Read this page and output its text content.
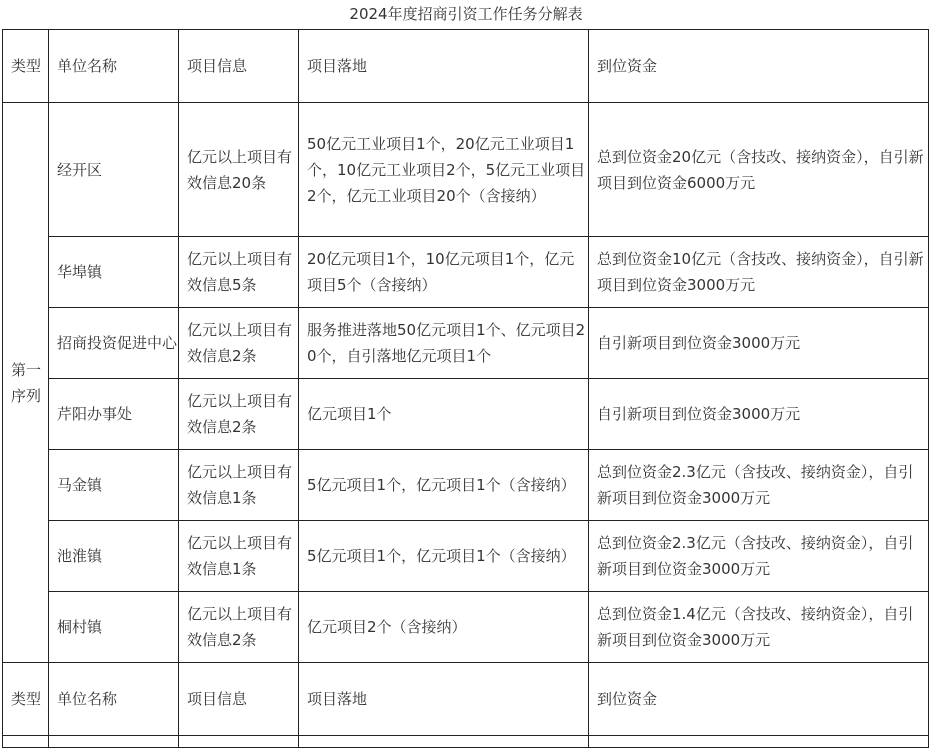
2024年度招商引资工作任务分解表
类型	单位名称	项目信息	项目落地	到位资金
第一序列	经开区	亿元以上项目有效信息20条	50亿元工业项目1个，20亿元工业项目1个，10亿元工业项目2个，5亿元工业项目2个，亿元工业项目20个（含接纳）	总到位资金20亿元（含技改、接纳资金），自引新项目到位资金6000万元
	华埠镇	亿元以上项目有效信息5条	20亿元项目1个，10亿元项目1个，亿元项目5个（含接纳）	总到位资金10亿元（含技改、接纳资金），自引新项目到位资金3000万元
	招商投资促进中心	亿元以上项目有效信息2条	服务推进落地50亿元项目1个、亿元项目20个，自引落地亿元项目1个	自引新项目到位资金3000万元
	芹阳办事处	亿元以上项目有效信息2条	亿元项目1个	自引新项目到位资金3000万元
	马金镇	亿元以上项目有效信息1条	5亿元项目1个，亿元项目1个（含接纳）	总到位资金2.3亿元（含技改、接纳资金），自引新项目到位资金3000万元
	池淮镇	亿元以上项目有效信息1条	5亿元项目1个，亿元项目1个（含接纳）	总到位资金2.3亿元（含技改、接纳资金），自引新项目到位资金3000万元
	桐村镇	亿元以上项目有效信息2条	亿元项目2个（含接纳）	总到位资金1.4亿元（含技改、接纳资金），自引新项目到位资金3000万元
类型	单位名称	项目信息	项目落地	到位资金
